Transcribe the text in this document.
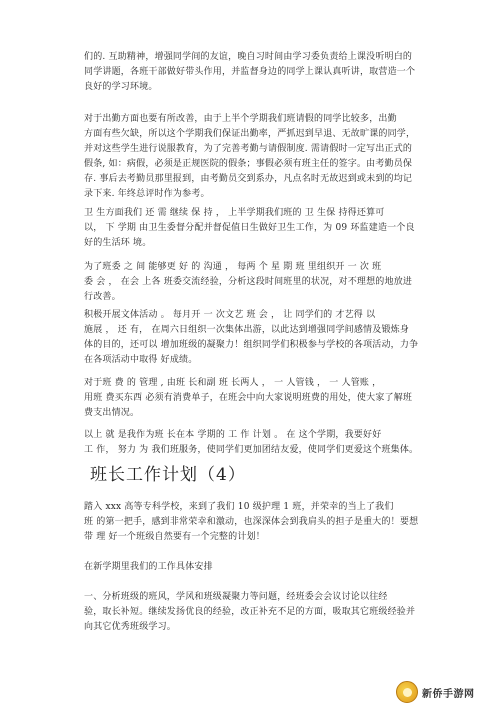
们的. 互助精神，增强同学间的友谊，晚自习时间由学习委负责给上课没听明白的
同学讲题，各班干部做好带头作用，并监督身边的同学上课认真听讲，取营造一个
良好的学习环境。
对于出勤方面也要有所改善，由于上半个学期我们班请假的同学比较多，出勤
方面有些欠缺，所以这个学期我们保证出勤率，严抓迟到早退、无故旷课的同学，
并对这些学生进行说服教育，为了完善考勤与请假制度. 需请假时一定写出正式的
假条, 如：病假，必须是正规医院的假条；事假必须有班主任的签字。由考勤员保
存. 事后去考勤员那里报到，由考勤员交到系办，凡点名时无故迟到或未到的均记
录下来. 年终总评时作为参考。
卫 生方面我们 还 需 继续 保 持 ， 上半学期我们班的 卫 生保 持得还算可
以， 下 学期 由卫生委督分配并督促值日生做好卫生工作，为 09 环监建造一个良
好的生活环 境。
为了班委 之 间 能够更 好 的 沟通 ， 每两 个 星 期 班 里组织开 一 次 班
委 会 ， 在会 上各 班委交流经验，分析这段时间班里的状况，对不理想的地放进
行改善。
积极开展文体活动 。 每月开 一 次文艺 班 会 ， 让 同学们的 才艺得 以
施展 ， 还 有， 在周六日组织一次集体出游，以此达到增强同学间感情及锻炼身
体的目的，还可以 增加班级的凝聚力！组织同学们积极参与学校的各项活动，力争
在各项活动中取得 好成绩。
对于班 费 的 管理 , 由班 长和副 班 长两人 ， 一 人管钱 ， 一 人管账 ，
用班 费买东西 必须有消费单子，在班会中向大家说明班费的用处，使大家了解班
费支出情况。
以上 就 是我作为班 长在本 学期的 工 作 计划 。 在 这个学期，我要好好
工 作， 努力 为 我们班服务，使同学们更加团结友爱，使同学们更爱这个班集体。
班长工作计划（4）
踏入 xxx 高等专科学校，来到了我们 10 级护理 1 班，并荣幸的当上了我们
班 的第一把手，感到非常荣幸和激动，也深深体会到我肩头的担子是重大的！要想
带 理 好一个班级自然要有一个完整的计划！
在新学期里我们的工作具体安排
一、分析班级的班风，学风和班级凝聚力等问题，经班委会会议讨论以往经
验，取长补短。继续发扬优良的经验，改正补充不足的方面，吸取其它班级经验并
向其它优秀班级学习。
新侨手游网
